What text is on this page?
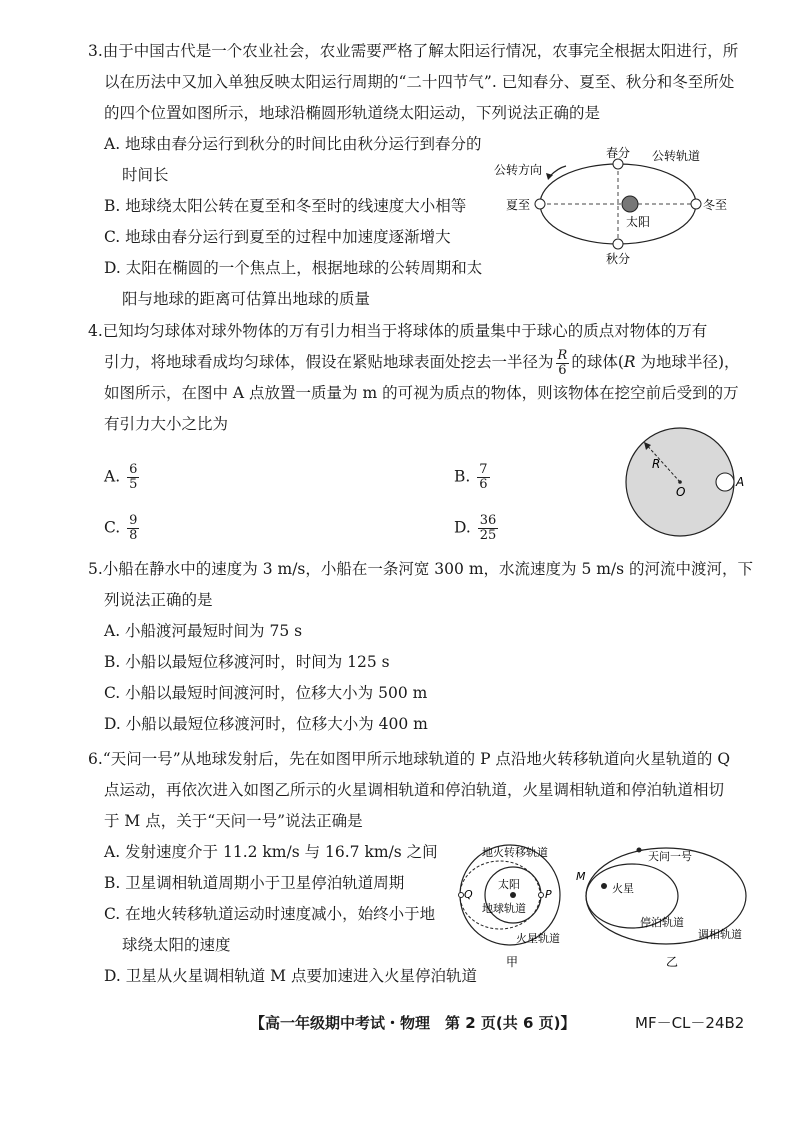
3.由于中国古代是一个农业社会，农业需要严格了解太阳运行情况，农事完全根据太阳进行，所
以在历法中又加入单独反映太阳运行周期的“二十四节气”. 已知春分、夏至、秋分和冬至所处
的四个位置如图所示，地球沿椭圆形轨道绕太阳运动，下列说法正确的是
A. 地球由春分运行到秋分的时间比由秋分运行到春分的
时间长
B. 地球绕太阳公转在夏至和冬至时的线速度大小相等
C. 地球由春分运行到夏至的过程中加速度逐渐增大
D. 太阳在椭圆的一个焦点上，根据地球的公转周期和太
阳与地球的距离可估算出地球的质量
春分
秋分
夏至	冬至
太阳
公转轨道
公转方向
4.已知均匀球体对球外物体的万有引力相当于将球体的质量集中于球心的质点对物体的万有
引力，将地球看成均匀球体，假设在紧贴地球表面处挖去一半径为 $\frac{R}{6}$ 的球体(R 为地球半径)，
如图所示，在图中 A 点放置一质量为 m 的可视为质点的物体，则该物体在挖空前后受到的万
有引力大小之比为
A. $\frac{6}{5}$	B. $\frac{7}{6}$
C. $\frac{9}{8}$	D. $\frac{36}{25}$
R
O
A
5.小船在静水中的速度为 3 m/s，小船在一条河宽 300 m，水流速度为 5 m/s 的河流中渡河，下
列说法正确的是
A. 小船渡河最短时间为 75 s
B. 小船以最短位移渡河时，时间为 125 s
C. 小船以最短时间渡河时，位移大小为 500 m
D. 小船以最短位移渡河时，位移大小为 400 m
6.“天问一号”从地球发射后，先在如图甲所示地球轨道的 P 点沿地火转移轨道向火星轨道的 Q
点运动，再依次进入如图乙所示的火星调相轨道和停泊轨道，火星调相轨道和停泊轨道相切
于 M 点，关于“天问一号”说法正确是
A. 发射速度介于 11.2 km/s 与 16.7 km/s 之间
B. 卫星调相轨道周期小于卫星停泊轨道周期
C. 在地火转移轨道运动时速度减小，始终小于地
球绕太阳的速度
D. 卫星从火星调相轨道 M 点要加速进入火星停泊轨道
地火转移轨道
太阳
地球轨道
火星轨道
P
Q
甲
M
天问一号
火星
停泊轨道
调相轨道
乙
【高一年级期中考试・物理　第 2 页(共 6 页)】	MF－CL－24B2
